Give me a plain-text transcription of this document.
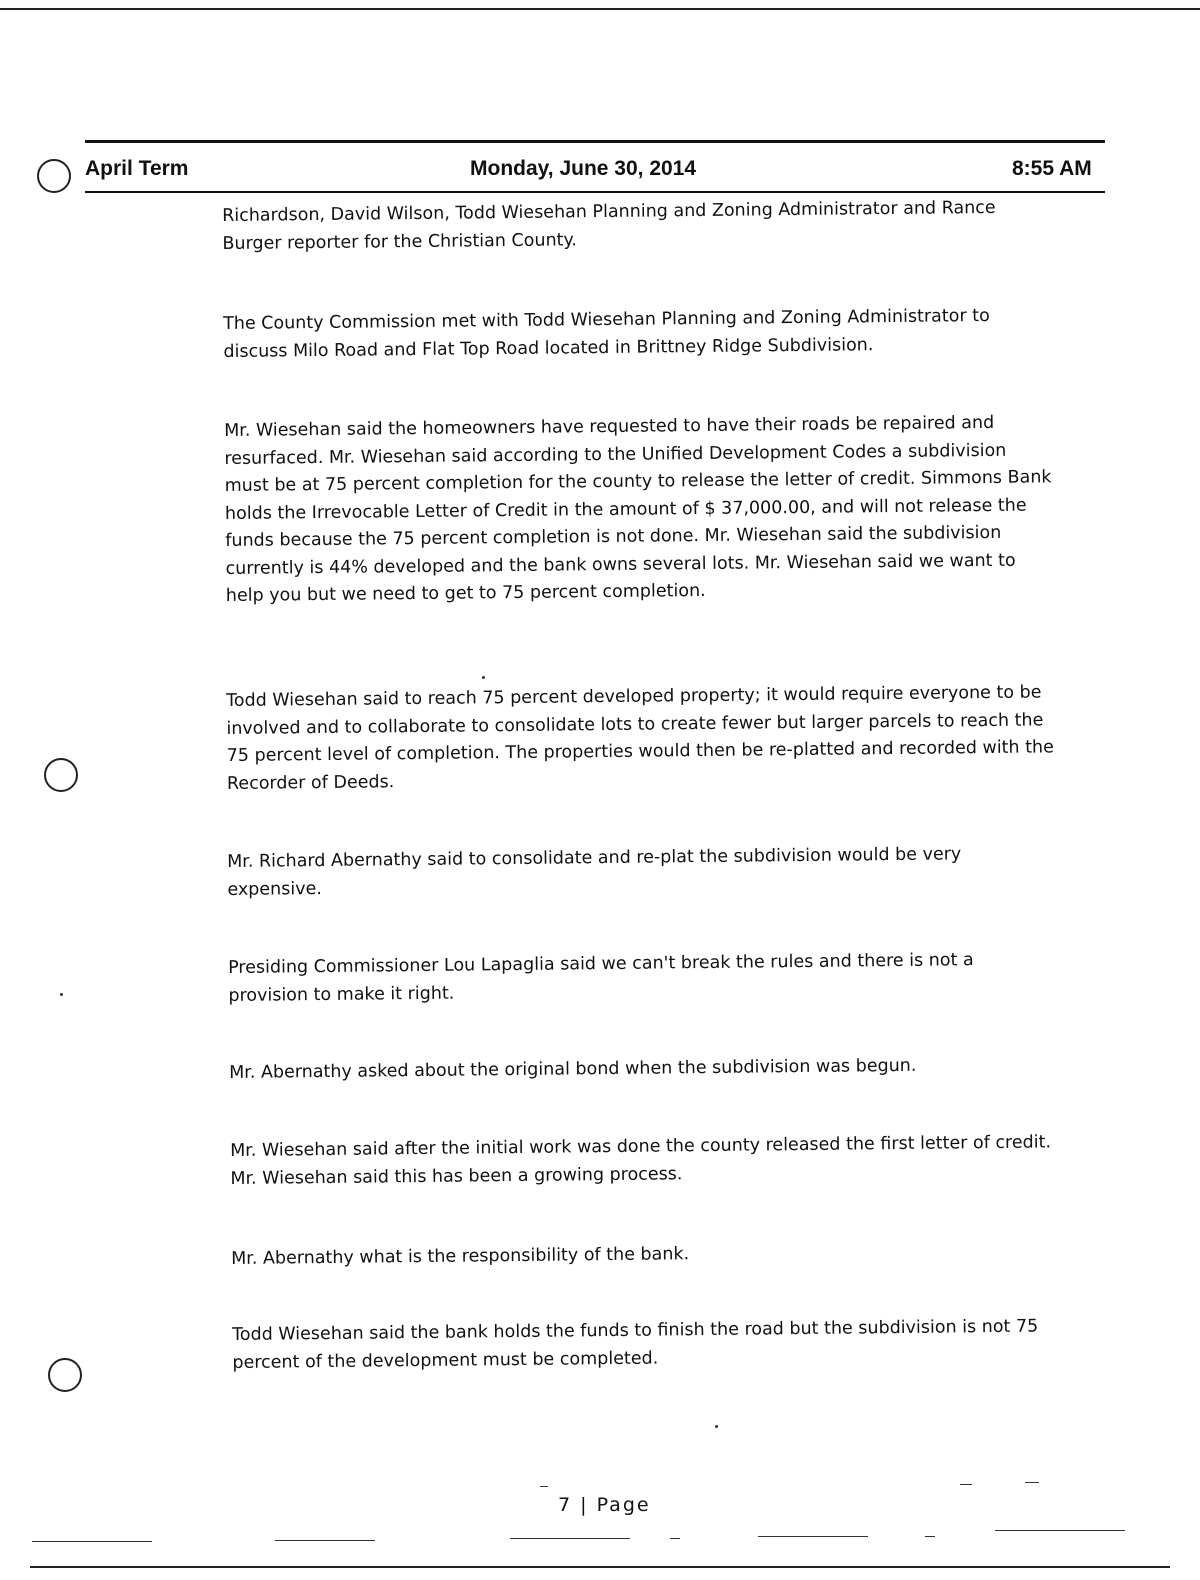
April Term	Monday, June 30, 2014	8:55 AM

Richardson, David Wilson, Todd Wiesehan Planning and Zoning Administrator and Rance Burger reporter for the Christian County.

The County Commission met with Todd Wiesehan Planning and Zoning Administrator to discuss Milo Road and Flat Top Road located in Brittney Ridge Subdivision.

Mr. Wiesehan said the homeowners have requested to have their roads be repaired and resurfaced. Mr. Wiesehan said according to the Unified Development Codes a subdivision must be at 75 percent completion for the county to release the letter of credit. Simmons Bank holds the Irrevocable Letter of Credit in the amount of $ 37,000.00, and will not release the funds because the 75 percent completion is not done. Mr. Wiesehan said the subdivision currently is 44% developed and the bank owns several lots. Mr. Wiesehan said we want to help you but we need to get to 75 percent completion.

Todd Wiesehan said to reach 75 percent developed property; it would require everyone to be involved and to collaborate to consolidate lots to create fewer but larger parcels to reach the 75 percent level of completion. The properties would then be re-platted and recorded with the Recorder of Deeds.

Mr. Richard Abernathy said to consolidate and re-plat the subdivision would be very expensive.

Presiding Commissioner Lou Lapaglia said we can't break the rules and there is not a provision to make it right.

Mr. Abernathy asked about the original bond when the subdivision was begun.

Mr. Wiesehan said after the initial work was done the county released the first letter of credit. Mr. Wiesehan said this has been a growing process.

Mr. Abernathy what is the responsibility of the bank.

Todd Wiesehan said the bank holds the funds to finish the road but the subdivision is not 75 percent of the development must be completed.

7 | Page
